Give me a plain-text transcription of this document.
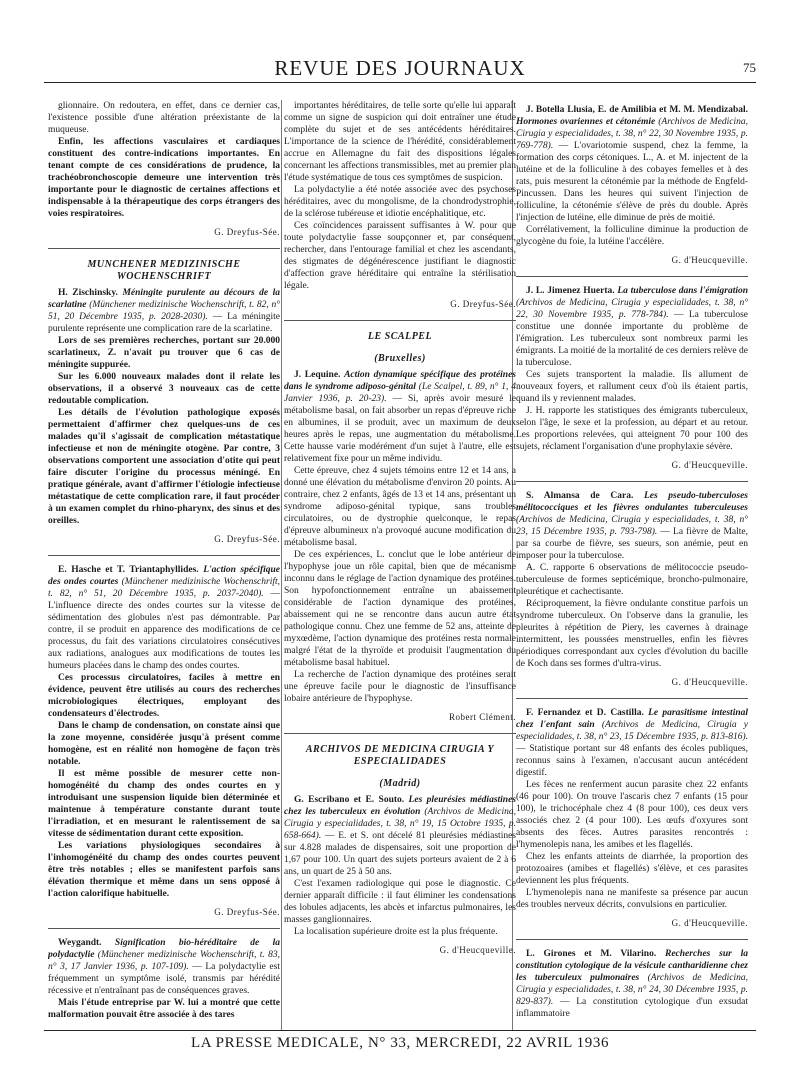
REVUE DES JOURNAUX	75

glionnaire. On redoutera, en effet, dans ce dernier cas, l'existence possible d'une altération préexistante de la muqueuse.

Enfin, les affections vasculaires et cardiaques constituent des contre-indications importantes. En tenant compte de ces considérations de prudence, la trachéobronchoscopie demeure une intervention très importante pour le diagnostic de certaines affections et indispensable à la thérapeutique des corps étrangers des voies respiratoires.

G. Dreyfus-Sée.
MUNCHENER MEDIZINISCHE WOCHENSCHRIFT

H. Zischinsky. Méningite purulente au décours de la scarlatine (Münchener medizinische Wochenschrift, t. 82, n° 51, 20 Décembre 1935, p. 2028-2030). — La méningite purulente représente une complication rare de la scarlatine.

Lors de ses premières recherches, portant sur 20.000 scarlatineux, Z. n'avait pu trouver que 6 cas de méningite suppurée.

Sur les 6.000 nouveaux malades dont il relate les observations, il a observé 3 nouveaux cas de cette redoutable complication.

Les détails de l'évolution pathologique exposés permettaient d'affirmer chez quelques-uns de ces malades qu'il s'agissait de complication métastatique infectieuse et non de méningite otogène. Par contre, 3 observations comportent une association d'otite qui peut faire discuter l'origine du processus méningé. En pratique générale, avant d'affirmer l'étiologie infectieuse métastatique de cette complication rare, il faut procéder à un examen complet du rhino-pharynx, des sinus et des oreilles.

G. Dreyfus-Sée.

E. Hasche et T. Triantaphyllides. L'action spécifique des ondes courtes (Münchener medizinische Wochenschrift, t. 82, n° 51, 20 Décembre 1935, p. 2037-2040). — L'influence directe des ondes courtes sur la vitesse de sédimentation des globules n'est pas démontrable. Par contre, il se produit en apparence des modifications de ce processus, du fait des variations circulatoires consécutives aux radiations, analogues aux modifications de toutes les humeurs placées dans le champ des ondes courtes.

Ces processus circulatoires, faciles à mettre en évidence, peuvent être utilisés au cours des recherches microbiologiques électriques, employant des condensateurs d'électrodes.

Dans le champ de condensation, on constate ainsi que la zone moyenne, considérée jusqu'à présent comme homogène, est en réalité non homogène de façon très notable.

Il est même possible de mesurer cette non-homogénéité du champ des ondes courtes en y introduisant une suspension liquide bien déterminée et maintenue à température constante durant toute l'irradiation, et en mesurant le ralentissement de sa vitesse de sédimentation durant cette exposition.

Les variations physiologiques secondaires à l'inhomogénéité du champ des ondes courtes peuvent être très notables ; elles se manifestent parfois sans élévation thermique et même dans un sens opposé à l'action calorifique habituelle.

G. Dreyfus-Sée.

Weygandt. Signification bio-héréditaire de la polydactylie (Münchener medizinische Wochenschrift, t. 83, n° 3, 17 Janvier 1936, p. 107-109). — La polydactylie est fréquemment un symptôme isolé, transmis par hérédité récessive et n'entraînant pas de conséquences graves.

Mais l'étude entreprise par W. lui a montré que cette malformation pouvait être associée à des tares

importantes héréditaires, de telle sorte qu'elle lui apparaît comme un signe de suspicion qui doit entraîner une étude complète du sujet et de ses antécédents héréditaires. L'importance de la science de l'hérédité, considérablement accrue en Allemagne du fait des dispositions légales concernant les affections transmissibles, met au premier plan l'étude systématique de tous ces symptômes de suspicion.

La polydactylie a été notée associée avec des psychoses héréditaires, avec du mongolisme, de la chondrodystrophie, de la sclérose tubéreuse et idiotie encéphalitique, etc.

Ces coïncidences paraissent suffisantes à W. pour que toute polydactylie fasse soupçonner et, par conséquent, rechercher, dans l'entourage familial et chez les ascendants, des stigmates de dégénérescence justifiant le diagnostic d'affection grave héréditaire qui entraîne la stérilisation légale.

G. Dreyfus-Sée.
LE SCALPEL
(Bruxelles)

J. Lequine. Action dynamique spécifique des protéines dans le syndrome adiposo-génital (Le Scalpel, t. 89, n° 1, 4 Janvier 1936, p. 20-23). — Si, après avoir mesuré le métabolisme basal, on fait absorber un repas d'épreuve riche en albumines, il se produit, avec un maximum de deux heures après le repas, une augmentation du métabolisme. Cette hausse varie modérément d'un sujet à l'autre, elle est relativement fixe pour un même individu.

Cette épreuve, chez 4 sujets témoins entre 12 et 14 ans, a donné une élévation du métabolisme d'environ 20 points. Au contraire, chez 2 enfants, âgés de 13 et 14 ans, présentant un syndrome adiposo-génital typique, sans troubles circulatoires, ou de dystrophie quelconque, le repas d'épreuve albumineux n'a provoqué aucune modification du métabolisme basal.

De ces expériences, L. conclut que le lobe antérieur de l'hypophyse joue un rôle capital, bien que de mécanisme inconnu dans le réglage de l'action dynamique des protéines. Son hypofonctionnement entraîne un abaissement considérable de l'action dynamique des protéines, abaissement qui ne se rencontre dans aucun autre état pathologique connu. Chez une femme de 52 ans, atteinte de myxœdème, l'action dynamique des protéines resta normale malgré l'état de la thyroïde et produisit l'augmentation du métabolisme basal habituel.

La recherche de l'action dynamique des protéines serait une épreuve facile pour le diagnostic de l'insuffisance lobaire antérieure de l'hypophyse.

Robert Clément.
ARCHIVOS DE MEDICINA CIRUGIA Y ESPECIALIDADES
(Madrid)

G. Escribano et E. Souto. Les pleurésies médiastines chez les tuberculeux en évolution (Archivos de Medicina, Cirugia y especialidades, t. 38, n° 19, 15 Octobre 1935, p. 658-664). — E. et S. ont décelé 81 pleurésies médiastines sur 4.828 malades de dispensaires, soit une proportion de 1,67 pour 100. Un quart des sujets porteurs avaient de 2 à 6 ans, un quart de 25 à 50 ans.

C'est l'examen radiologique qui pose le diagnostic. Ce dernier apparaît difficile : il faut éliminer les condensations des lobules adjacents, les abcès et infarctus pulmonaires, les masses ganglionnaires.

La localisation supérieure droite est la plus fréquente.

G. d'Heucqueville.

J. Botella Llusia, E. de Amilibia et M. M. Mendizabal. Hormones ovariennes et cétonémie (Archivos de Medicina, Cirugia y especialidades, t. 38, n° 22, 30 Novembre 1935, p. 769-778). — L'ovariotomie suspend, chez la femme, la formation des corps cétoniques. L., A. et M. injectent de la lutéine et de la folliculine à des cobayes femelles et à des rats, puis mesurent la cétonémie par la méthode de Engfeld-Pincussen. Dans les heures qui suivent l'injection de folliculine, la cétonémie s'élève de près du double. Après l'injection de lutéine, elle diminue de près de moitié.

Corrélativement, la folliculine diminue la production de glycogène du foie, la lutéine l'accélère.

G. d'Heucqueville.

J. L. Jimenez Huerta. La tuberculose dans l'émigration (Archivos de Medicina, Cirugia y especialidades, t. 38, n° 22, 30 Novembre 1935, p. 778-784). — La tuberculose constitue une donnée importante du problème de l'émigration. Les tuberculeux sont nombreux parmi les émigrants. La moitié de la mortalité de ces derniers relève de la tuberculose.

Ces sujets transportent la maladie. Ils allument de nouveaux foyers, et rallument ceux d'où ils étaient partis, quand ils y reviennent malades.

J. H. rapporte les statistiques des émigrants tuberculeux, selon l'âge, le sexe et la profession, au départ et au retour. Les proportions relevées, qui atteignent 70 pour 100 des sujets, réclament l'organisation d'une prophylaxie sévère.

G. d'Heucqueville.

S. Almansa de Cara. Les pseudo-tuberculoses mélitococciques et les fièvres ondulantes tuberculeuses (Archivos de Medicina, Cirugia y especialidades, t. 38, n° 23, 15 Décembre 1935, p. 793-798). — La fièvre de Malte, par sa courbe de fièvre, ses sueurs, son anémie, peut en imposer pour la tuberculose.

A. C. rapporte 6 observations de mélitococcie pseudo-tuberculeuse de formes septicémique, broncho-pulmonaire, pleurétique et cachectisante.

Réciproquement, la fièvre ondulante constitue parfois un syndrome tuberculeux. On l'observe dans la granulie, les pleurites à répétition de Piery, les cavernes à drainage intermittent, les poussées menstruelles, enfin les fièvres périodiques correspondant aux cycles d'évolution du bacille de Koch dans ses formes d'ultra-virus.

G. d'Heucqueville.

F. Fernandez et D. Castilla. Le parasitisme intestinal chez l'enfant sain (Archivos de Medicina, Cirugia y especialidades, t. 38, n° 23, 15 Décembre 1935, p. 813-816). — Statistique portant sur 48 enfants des écoles publiques, reconnus sains à l'examen, n'accusant aucun antécédent digestif.

Les fèces ne renferment aucun parasite chez 22 enfants (46 pour 100). On trouve l'ascaris chez 7 enfants (15 pour 100), le trichocéphale chez 4 (8 pour 100), ces deux vers associés chez 2 (4 pour 100). Les œufs d'oxyures sont absents des fèces. Autres parasites rencontrés : l'hymenolepis nana, les amibes et les flagellés.

Chez les enfants atteints de diarrhée, la proportion des protozoaires (amibes et flagellés) s'élève, et ces parasites deviennent les plus fréquents.

L'hymenolepis nana ne manifeste sa présence par aucun des troubles nerveux décrits, convulsions en particulier.

G. d'Heucqueville.

L. Girones et M. Vilarino. Recherches sur la constitution cytologique de la vésicule cantharidienne chez les tuberculeux pulmonaires (Archivos de Medicina, Cirugia y especialidades, t. 38, n° 24, 30 Décembre 1935, p. 829-837). — La constitution cytologique d'un exsudat inflammatoire

LA PRESSE MEDICALE, N° 33, MERCREDI, 22 AVRIL 1936
